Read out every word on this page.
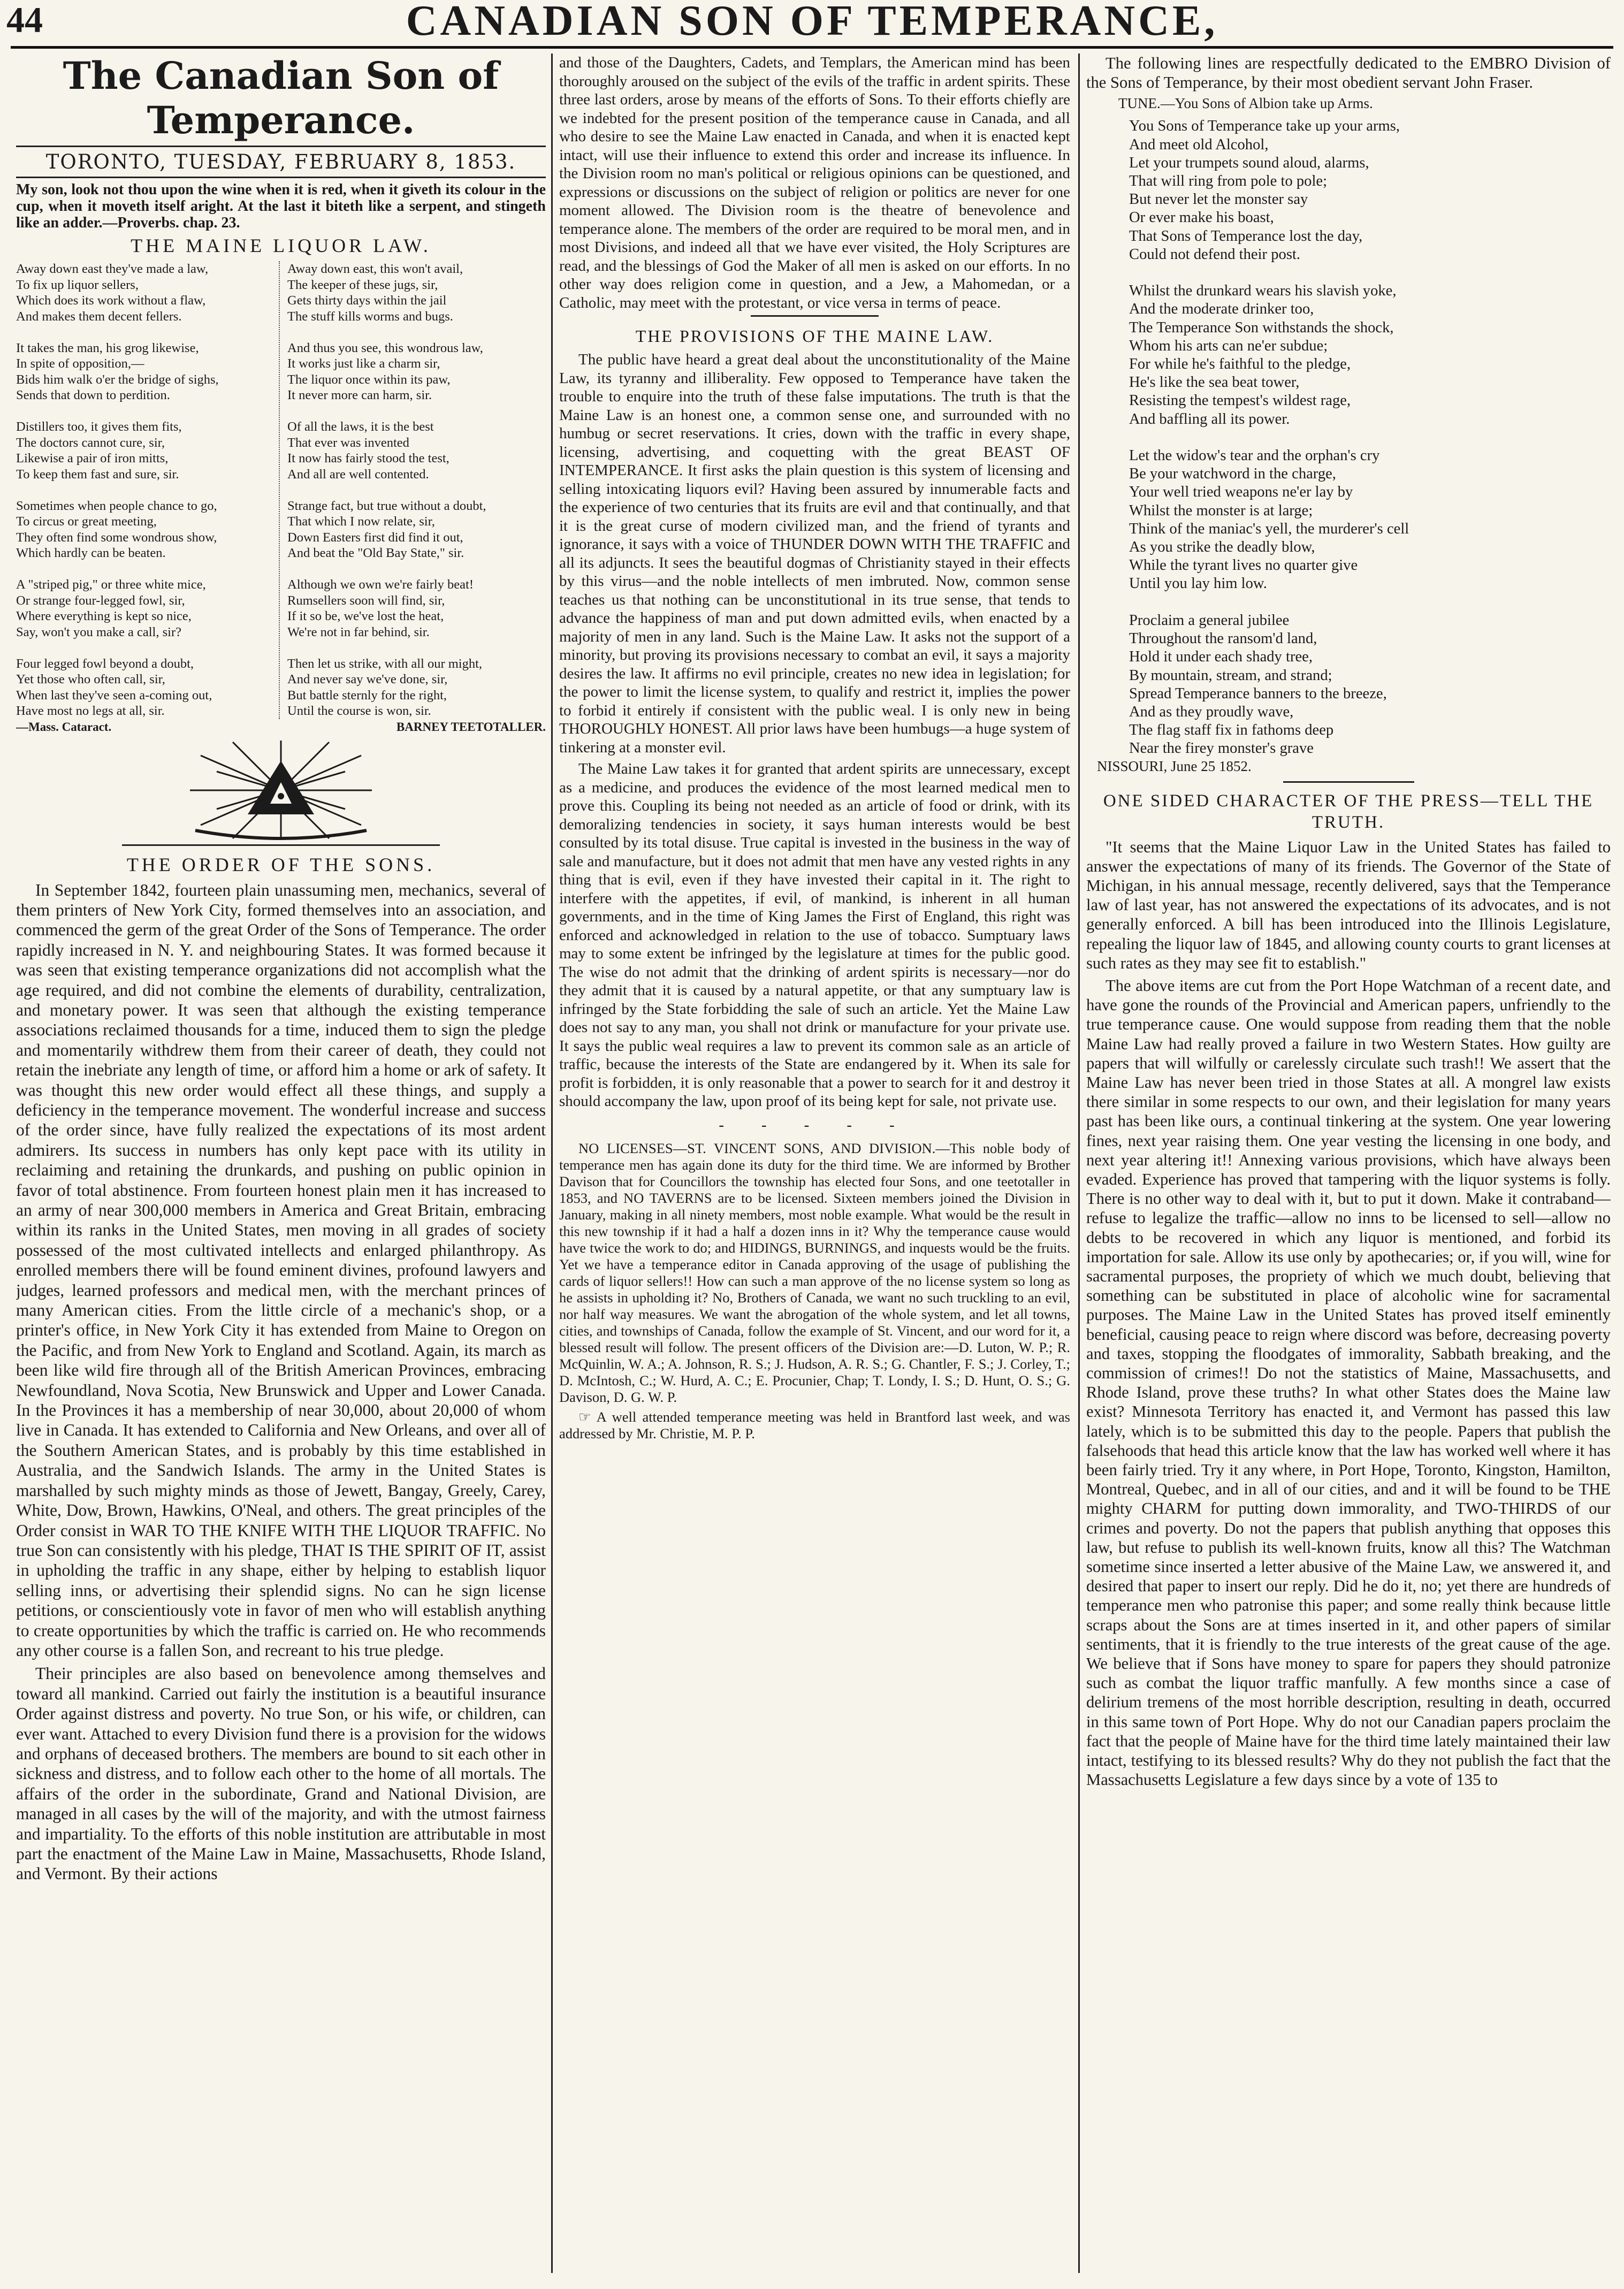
44	CANADIAN SON OF TEMPERANCE,
The Canadian Son of Temperance.
TORONTO, TUESDAY, FEBRUARY 8, 1853.

My son, look not thou upon the wine when it is red, when it giveth its colour in the cup, when it moveth itself aright. At the last it biteth like a serpent, and stingeth like an adder.—Proverbs. chap. 23.

THE MAINE LIQUOR LAW.
Away down east they've made a law,
To fix up liquor sellers,
Which does its work without a flaw,
And makes them decent fellers.

It takes the man, his grog likewise,
In spite of opposition,—
Bids him walk o'er the bridge of sighs,
Sends that down to perdition.

Distillers too, it gives them fits,
The doctors cannot cure, sir,
Likewise a pair of iron mitts,
To keep them fast and sure, sir.

Sometimes when people chance to go,
To circus or great meeting,
They often find some wondrous show,
Which hardly can be beaten.

A "striped pig," or three white mice,
Or strange four-legged fowl, sir,
Where everything is kept so nice,
Say, won't you make a call, sir?

Four legged fowl beyond a doubt,
Yet those who often call, sir,
When last they've seen a-coming out,
Have most no legs at all, sir.
Away down east, this won't avail,
The keeper of these jugs, sir,
Gets thirty days within the jail
The stuff kills worms and bugs.

And thus you see, this wondrous law,
It works just like a charm sir,
The liquor once within its paw,
It never more can harm, sir.

Of all the laws, it is the best
That ever was invented
It now has fairly stood the test,
And all are well contented.

Strange fact, but true without a doubt,
That which I now relate, sir,
Down Easters first did find it out,
And beat the "Old Bay State," sir.

Although we own we're fairly beat!
Rumsellers soon will find, sir,
If it so be, we've lost the heat,
We're not in far behind, sir.

Then let us strike, with all our might,
And never say we've done, sir,
But battle sternly for the right,
Until the course is won, sir.
—Mass. Cataract.	BARNEY TEETOTALLER.
THE ORDER OF THE SONS.

In September 1842, fourteen plain unassuming men, mechanics, several of them printers of New York City, formed themselves into an association, and commenced the germ of the great Order of the Sons of Temperance. The order rapidly increased in N. Y. and neighbouring States. It was formed because it was seen that existing temperance organizations did not accomplish what the age required, and did not combine the elements of durability, centralization, and monetary power. It was seen that although the existing temperance associations reclaimed thousands for a time, induced them to sign the pledge and momentarily withdrew them from their career of death, they could not retain the inebriate any length of time, or afford him a home or ark of safety. It was thought this new order would effect all these things, and supply a deficiency in the temperance movement. The wonderful increase and success of the order since, have fully realized the expectations of its most ardent admirers. Its success in numbers has only kept pace with its utility in reclaiming and retaining the drunkards, and pushing on public opinion in favor of total abstinence. From fourteen honest plain men it has increased to an army of near 300,000 members in America and Great Britain, embracing within its ranks in the United States, men moving in all grades of society possessed of the most cultivated intellects and enlarged philanthropy. As enrolled members there will be found eminent divines, profound lawyers and judges, learned professors and medical men, with the merchant princes of many American cities. From the little circle of a mechanic's shop, or a printer's office, in New York City it has extended from Maine to Oregon on the Pacific, and from New York to England and Scotland. Again, its march as been like wild fire through all of the British American Provinces, embracing Newfoundland, Nova Scotia, New Brunswick and Upper and Lower Canada. In the Provinces it has a membership of near 30,000, about 20,000 of whom live in Canada. It has extended to California and New Orleans, and over all of the Southern American States, and is probably by this time established in Australia, and the Sandwich Islands. The army in the United States is marshalled by such mighty minds as those of Jewett, Bangay, Greely, Carey, White, Dow, Brown, Hawkins, O'Neal, and others. The great principles of the Order consist in WAR TO THE KNIFE WITH THE LIQUOR TRAFFIC. No true Son can consistently with his pledge, THAT IS THE SPIRIT OF IT, assist in upholding the traffic in any shape, either by helping to establish liquor selling inns, or advertising their splendid signs. No can he sign license petitions, or conscientiously vote in favor of men who will establish anything to create opportunities by which the traffic is carried on. He who recommends any other course is a fallen Son, and recreant to his true pledge.

Their principles are also based on benevolence among themselves and toward all mankind. Carried out fairly the institution is a beautiful insurance Order against distress and poverty. No true Son, or his wife, or children, can ever want. Attached to every Division fund there is a provision for the widows and orphans of deceased brothers. The members are bound to sit each other in sickness and distress, and to follow each other to the home of all mortals. The affairs of the order in the subordinate, Grand and National Division, are managed in all cases by the will of the majority, and with the utmost fairness and impartiality. To the efforts of this noble institution are attributable in most part the enactment of the Maine Law in Maine, Massachusetts, Rhode Island, and Vermont. By their actions

and those of the Daughters, Cadets, and Templars, the American mind has been thoroughly aroused on the subject of the evils of the traffic in ardent spirits. These three last orders, arose by means of the efforts of Sons. To their efforts chiefly are we indebted for the present position of the temperance cause in Canada, and all who desire to see the Maine Law enacted in Canada, and when it is enacted kept intact, will use their influence to extend this order and increase its influence. In the Division room no man's political or religious opinions can be questioned, and expressions or discussions on the subject of religion or politics are never for one moment allowed. The Division room is the theatre of benevolence and temperance alone. The members of the order are required to be moral men, and in most Divisions, and indeed all that we have ever visited, the Holy Scriptures are read, and the blessings of God the Maker of all men is asked on our efforts. In no other way does religion come in question, and a Jew, a Mahomedan, or a Catholic, may meet with the protestant, or vice versa in terms of peace.

THE PROVISIONS OF THE MAINE LAW.

The public have heard a great deal about the unconstitutionality of the Maine Law, its tyranny and illiberality. Few opposed to Temperance have taken the trouble to enquire into the truth of these false imputations. The truth is that the Maine Law is an honest one, a common sense one, and surrounded with no humbug or secret reservations. It cries, down with the traffic in every shape, licensing, advertising, and coquetting with the great BEAST OF INTEMPERANCE. It first asks the plain question is this system of licensing and selling intoxicating liquors evil? Having been assured by innumerable facts and the experience of two centuries that its fruits are evil and that continually, and that it is the great curse of modern civilized man, and the friend of tyrants and ignorance, it says with a voice of THUNDER DOWN WITH THE TRAFFIC and all its adjuncts. It sees the beautiful dogmas of Christianity stayed in their effects by this virus—and the noble intellects of men imbruted. Now, common sense teaches us that nothing can be unconstitutional in its true sense, that tends to advance the happiness of man and put down admitted evils, when enacted by a majority of men in any land. Such is the Maine Law. It asks not the support of a minority, but proving its provisions necessary to combat an evil, it says a majority desires the law. It affirms no evil principle, creates no new idea in legislation; for the power to limit the license system, to qualify and restrict it, implies the power to forbid it entirely if consistent with the public weal. I is only new in being THOROUGHLY HONEST. All prior laws have been humbugs—a huge system of tinkering at a monster evil.

The Maine Law takes it for granted that ardent spirits are unnecessary, except as a medicine, and produces the evidence of the most learned medical men to prove this. Coupling its being not needed as an article of food or drink, with its demoralizing tendencies in society, it says human interests would be best consulted by its total disuse. True capital is invested in the business in the way of sale and manufacture, but it does not admit that men have any vested rights in any thing that is evil, even if they have invested their capital in it. The right to interfere with the appetites, if evil, of mankind, is inherent in all human governments, and in the time of King James the First of England, this right was enforced and acknowledged in relation to the use of tobacco. Sumptuary laws may to some extent be infringed by the legislature at times for the public good. The wise do not admit that the drinking of ardent spirits is necessary—nor do they admit that it is caused by a natural appetite, or that any sumptuary law is infringed by the State forbidding the sale of such an article. Yet the Maine Law does not say to any man, you shall not drink or manufacture for your private use. It says the public weal requires a law to prevent its common sale as an article of traffic, because the interests of the State are endangered by it. When its sale for profit is forbidden, it is only reasonable that a power to search for it and destroy it should accompany the law, upon proof of its being kept for sale, not private use.

- - - - -

NO LICENSES—ST. VINCENT SONS, AND DIVISION.—This noble body of temperance men has again done its duty for the third time. We are informed by Brother Davison that for Councillors the township has elected four Sons, and one teetotaller in 1853, and NO TAVERNS are to be licensed. Sixteen members joined the Division in January, making in all ninety members, most noble example. What would be the result in this new township if it had a half a dozen inns in it? Why the temperance cause would have twice the work to do; and HIDINGS, BURNINGS, and inquests would be the fruits. Yet we have a temperance editor in Canada approving of the usage of publishing the cards of liquor sellers!! How can such a man approve of the no license system so long as he assists in upholding it? No, Brothers of Canada, we want no such truckling to an evil, nor half way measures. We want the abrogation of the whole system, and let all towns, cities, and townships of Canada, follow the example of St. Vincent, and our word for it, a blessed result will follow. The present officers of the Division are:—D. Luton, W. P.; R. McQuinlin, W. A.; A. Johnson, R. S.; J. Hudson, A. R. S.; G. Chantler, F. S.; J. Corley, T.; D. McIntosh, C.; W. Hurd, A. C.; E. Procunier, Chap; T. Londy, I. S.; D. Hunt, O. S.; G. Davison, D. G. W. P.

☞ A well attended temperance meeting was held in Brantford last week, and was addressed by Mr. Christie, M. P. P.

The following lines are respectfully dedicated to the EMBRO Division of the Sons of Temperance, by their most obedient servant John Fraser.

TUNE.—You Sons of Albion take up Arms.
You Sons of Temperance take up your arms,
And meet old Alcohol,
Let your trumpets sound aloud, alarms,
That will ring from pole to pole;
But never let the monster say
Or ever make his boast,
That Sons of Temperance lost the day,
Could not defend their post.

Whilst the drunkard wears his slavish yoke,
And the moderate drinker too,
The Temperance Son withstands the shock,
Whom his arts can ne'er subdue;
For while he's faithful to the pledge,
He's like the sea beat tower,
Resisting the tempest's wildest rage,
And baffling all its power.

Let the widow's tear and the orphan's cry
Be your watchword in the charge,
Your well tried weapons ne'er lay by
Whilst the monster is at large;
Think of the maniac's yell, the murderer's cell
As you strike the deadly blow,
While the tyrant lives no quarter give
Until you lay him low.

Proclaim a general jubilee
Throughout the ransom'd land,
Hold it under each shady tree,
By mountain, stream, and strand;
Spread Temperance banners to the breeze,
And as they proudly wave,
The flag staff fix in fathoms deep
Near the firey monster's grave
NISSOURI, June 25 1852.
ONE SIDED CHARACTER OF THE PRESS—TELL THE TRUTH.

"It seems that the Maine Liquor Law in the United States has failed to answer the expectations of many of its friends. The Governor of the State of Michigan, in his annual message, recently delivered, says that the Temperance law of last year, has not answered the expectations of its advocates, and is not generally enforced. A bill has been introduced into the Illinois Legislature, repealing the liquor law of 1845, and allowing county courts to grant licenses at such rates as they may see fit to establish."

The above items are cut from the Port Hope Watchman of a recent date, and have gone the rounds of the Provincial and American papers, unfriendly to the true temperance cause. One would suppose from reading them that the noble Maine Law had really proved a failure in two Western States. How guilty are papers that will wilfully or carelessly circulate such trash!! We assert that the Maine Law has never been tried in those States at all. A mongrel law exists there similar in some respects to our own, and their legislation for many years past has been like ours, a continual tinkering at the system. One year lowering fines, next year raising them. One year vesting the licensing in one body, and next year altering it!! Annexing various provisions, which have always been evaded. Experience has proved that tampering with the liquor systems is folly. There is no other way to deal with it, but to put it down. Make it contraband—refuse to legalize the traffic—allow no inns to be licensed to sell—allow no debts to be recovered in which any liquor is mentioned, and forbid its importation for sale. Allow its use only by apothecaries; or, if you will, wine for sacramental purposes, the propriety of which we much doubt, believing that something can be substituted in place of alcoholic wine for sacramental purposes. The Maine Law in the United States has proved itself eminently beneficial, causing peace to reign where discord was before, decreasing poverty and taxes, stopping the floodgates of immorality, Sabbath breaking, and the commission of crimes!! Do not the statistics of Maine, Massachusetts, and Rhode Island, prove these truths? In what other States does the Maine law exist? Minnesota Territory has enacted it, and Vermont has passed this law lately, which is to be submitted this day to the people. Papers that publish the falsehoods that head this article know that the law has worked well where it has been fairly tried. Try it any where, in Port Hope, Toronto, Kingston, Hamilton, Montreal, Quebec, and in all of our cities, and and it will be found to be THE mighty CHARM for putting down immorality, and TWO-THIRDS of our crimes and poverty. Do not the papers that publish anything that opposes this law, but refuse to publish its well-known fruits, know all this? The Watchman sometime since inserted a letter abusive of the Maine Law, we answered it, and desired that paper to insert our reply. Did he do it, no; yet there are hundreds of temperance men who patronise this paper; and some really think because little scraps about the Sons are at times inserted in it, and other papers of similar sentiments, that it is friendly to the true interests of the great cause of the age. We believe that if Sons have money to spare for papers they should patronize such as combat the liquor traffic manfully. A few months since a case of delirium tremens of the most horrible description, resulting in death, occurred in this same town of Port Hope. Why do not our Canadian papers proclaim the fact that the people of Maine have for the third time lately maintained their law intact, testifying to its blessed results? Why do they not publish the fact that the Massachusetts Legislature a few days since by a vote of 135 to
